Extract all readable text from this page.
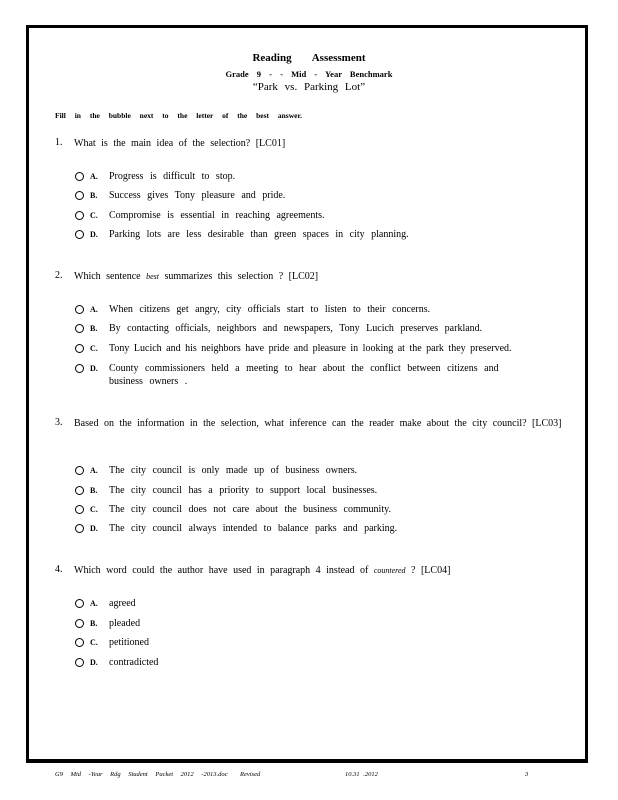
Reading Assessment
Grade 9 - - Mid - Year Benchmark
“Park vs. Parking Lot”
Fill in the bubble next to the letter of the best answer.
1. What is the main idea of the selection? [LC01]
A. Progress is difficult to stop.
B. Success gives Tony pleasure and pride.
C. Compromise is essential in reaching agreements.
D. Parking lots are less desirable than green spaces in city planning.
2. Which sentence best summarizes this selection ? [LC02]
A. When citizens get angry, city officials start to listen to their concerns.
B. By contacting officials, neighbors and newspapers, Tony Lucich preserves parkland.
C. Tony Lucich and his neighbors have pride and pleasure in looking at the park they preserved.
D. County commissioners held a meeting to hear about the conflict between citizens and business owners .
3. Based on the information in the selection, what inference can the reader make about the city council? [LC03]
A. The city council is only made up of business owners.
B. The city council has a priority to support local businesses.
C. The city council does not care about the business community.
D. The city council always intended to balance parks and parking.
4. Which word could the author have used in paragraph 4 instead of countered ? [LC04]
A. agreed
B. pleaded
C. petitioned
D. contradicted
G9 Mid -Year Rdg Student Packet 2012 -2013.doc Revised	10.31 .2012	3
